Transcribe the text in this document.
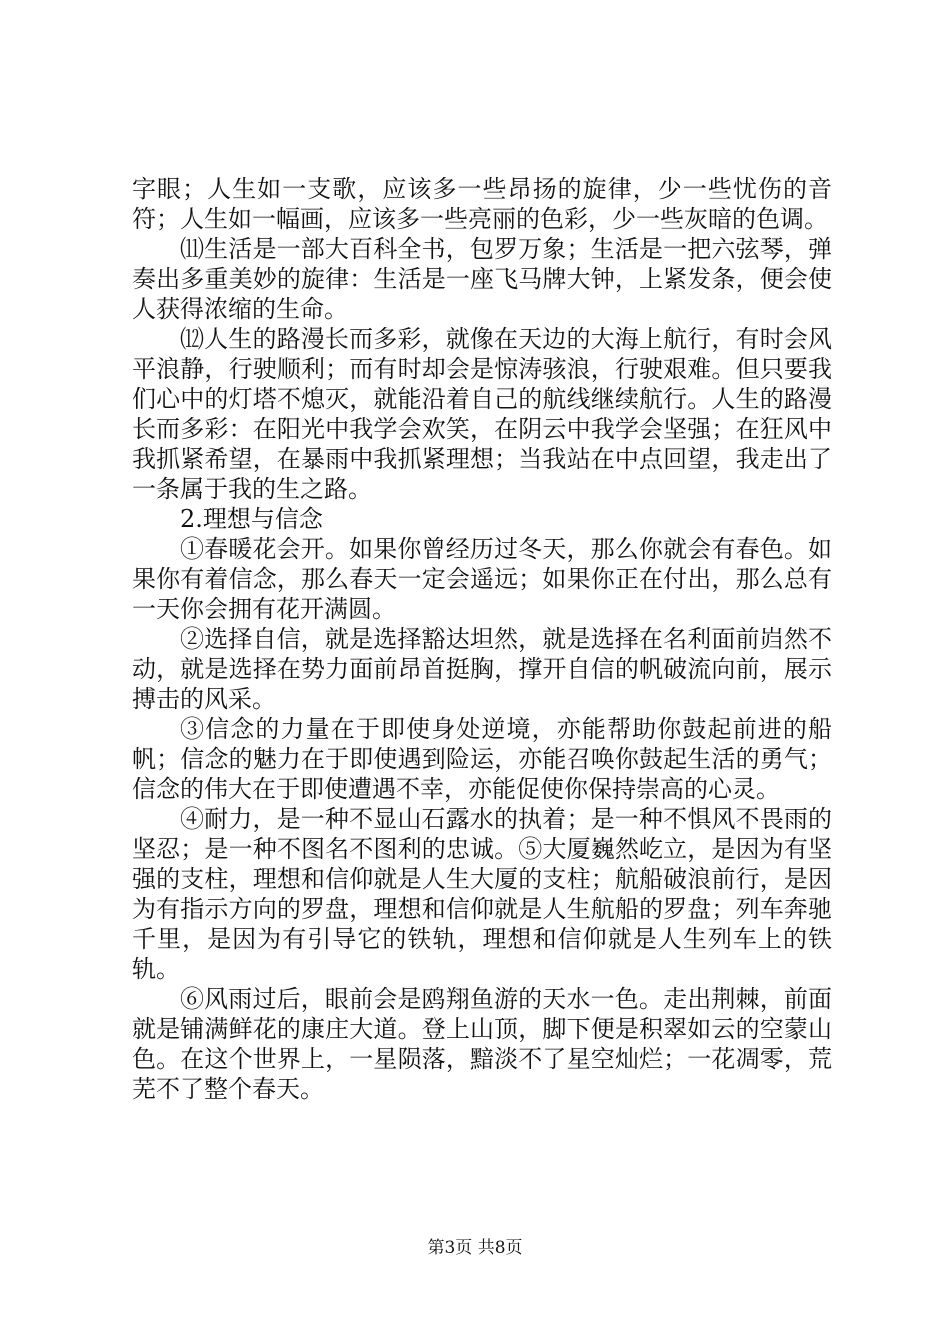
字眼；人生如一支歌，应该多一些昂扬的旋律，少一些忧伤的音符；人生如一幅画，应该多一些亮丽的色彩，少一些灰暗的色调。

⑾生活是一部大百科全书，包罗万象；生活是一把六弦琴，弹奏出多重美妙的旋律：生活是一座飞马牌大钟，上紧发条，便会使人获得浓缩的生命。

⑿人生的路漫长而多彩，就像在天边的大海上航行，有时会风平浪静，行驶顺利；而有时却会是惊涛骇浪，行驶艰难。但只要我们心中的灯塔不熄灭，就能沿着自己的航线继续航行。人生的路漫长而多彩：在阳光中我学会欢笑，在阴云中我学会坚强；在狂风中我抓紧希望，在暴雨中我抓紧理想；当我站在中点回望，我走出了一条属于我的生之路。

2.理想与信念

①春暖花会开。如果你曾经历过冬天，那么你就会有春色。如果你有着信念，那么春天一定会遥远；如果你正在付出，那么总有一天你会拥有花开满圆。

②选择自信，就是选择豁达坦然，就是选择在名利面前岿然不动，就是选择在势力面前昂首挺胸，撑开自信的帆破流向前，展示搏击的风采。

③信念的力量在于即使身处逆境，亦能帮助你鼓起前进的船帆；信念的魅力在于即使遇到险运，亦能召唤你鼓起生活的勇气；信念的伟大在于即使遭遇不幸，亦能促使你保持崇高的心灵。

④耐力，是一种不显山石露水的执着；是一种不惧风不畏雨的坚忍；是一种不图名不图利的忠诚。⑤大厦巍然屹立，是因为有坚强的支柱，理想和信仰就是人生大厦的支柱；航船破浪前行，是因为有指示方向的罗盘，理想和信仰就是人生航船的罗盘；列车奔驰千里，是因为有引导它的铁轨，理想和信仰就是人生列车上的铁轨。

⑥风雨过后，眼前会是鸥翔鱼游的天水一色。走出荆棘，前面就是铺满鲜花的康庄大道。登上山顶，脚下便是积翠如云的空蒙山色。在这个世界上，一星陨落，黯淡不了星空灿烂；一花凋零，荒芜不了整个春天。

第3页 共8页
